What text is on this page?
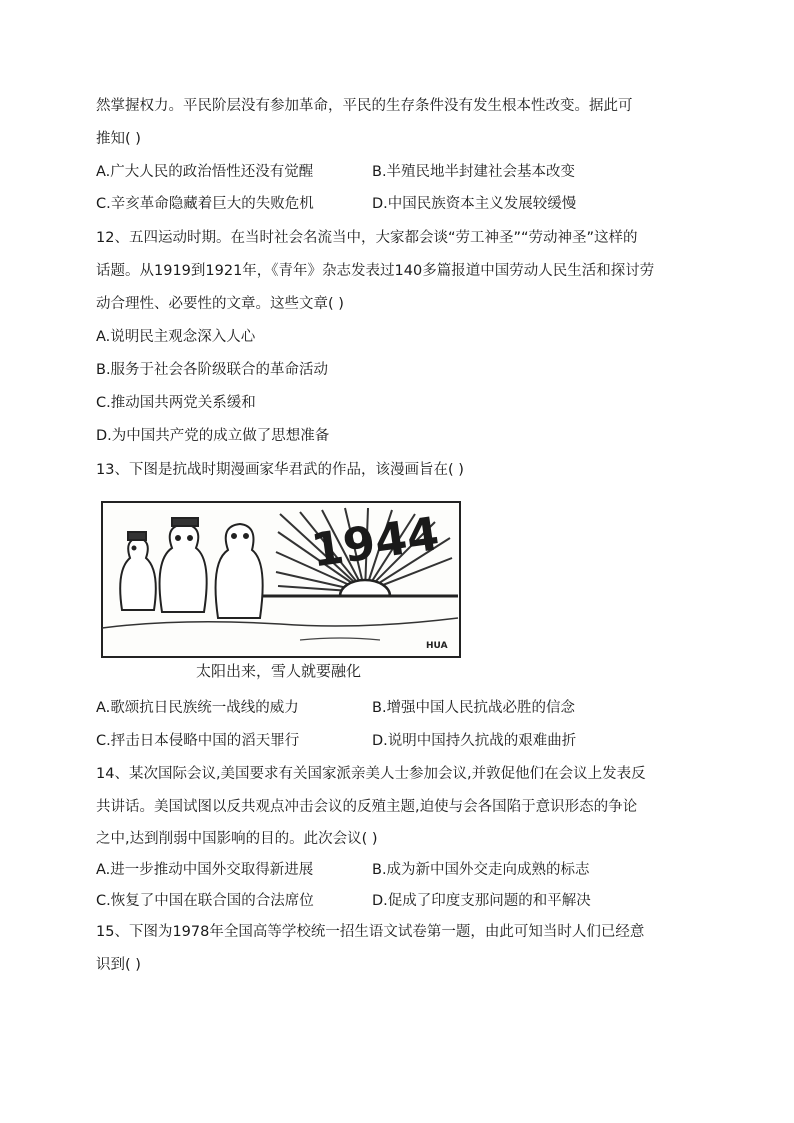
然掌握权力。平民阶层没有参加革命，平民的生存条件没有发生根本性改变。据此可
推知( )
A.广大人民的政治悟性还没有觉醒	B.半殖民地半封建社会基本改变
C.辛亥革命隐藏着巨大的失败危机	D.中国民族资本主义发展较缓慢
12、五四运动时期。在当时社会名流当中，大家都会谈“劳工神圣”“劳动神圣”这样的
话题。从1919到1921年，《青年》杂志发表过140多篇报道中国劳动人民生活和探讨劳
动合理性、必要性的文章。这些文章( )
A.说明民主观念深入人心
B.服务于社会各阶级联合的革命活动
C.推动国共两党关系缓和
D.为中国共产党的成立做了思想准备
13、下图是抗战时期漫画家华君武的作品，该漫画旨在( )
1944
HUA
太阳出来，雪人就要融化
A.歌颂抗日民族统一战线的威力	B.增强中国人民抗战必胜的信念
C.抨击日本侵略中国的滔天罪行	D.说明中国持久抗战的艰难曲折
14、某次国际会议,美国要求有关国家派亲美人士参加会议,并敦促他们在会议上发表反
共讲话。美国试图以反共观点冲击会议的反殖主题,迫使与会各国陷于意识形态的争论
之中,达到削弱中国影响的目的。此次会议( )
A.进一步推动中国外交取得新进展	B.成为新中国外交走向成熟的标志
C.恢复了中国在联合国的合法席位	D.促成了印度支那问题的和平解决
15、下图为1978年全国高等学校统一招生语文试卷第一题，由此可知当时人们已经意
识到( )
